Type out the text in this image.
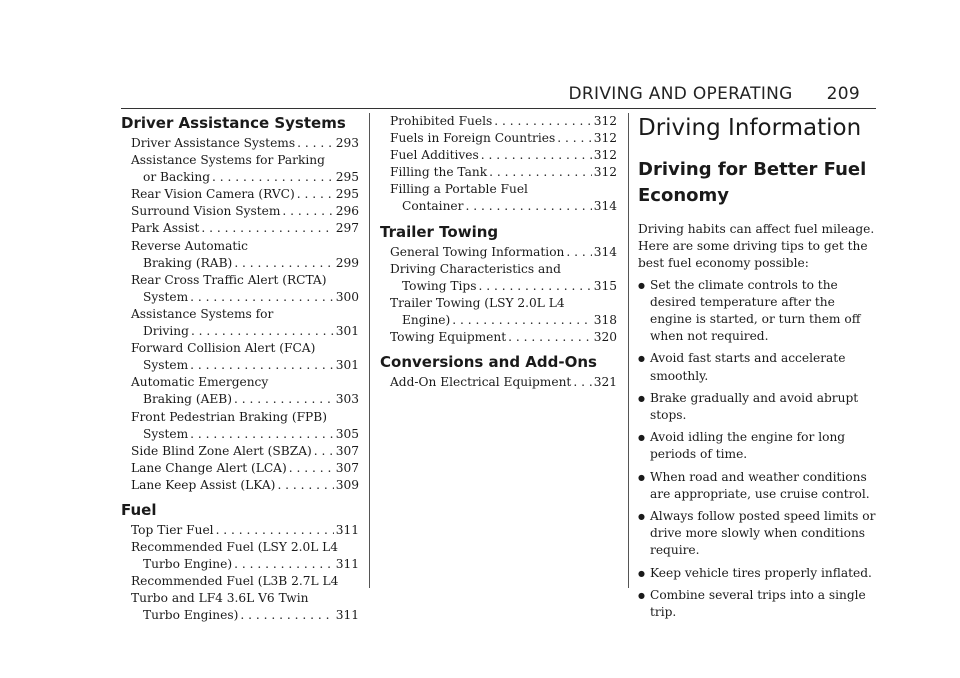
DRIVING AND OPERATING 209
Driver Assistance Systems
Driver Assistance Systems . . .	293
Assistance Systems for Parking
or Backing . . .	295
Rear Vision Camera (RVC) . . .	295
Surround Vision System . . .	296
Park Assist . . .	297
Reverse Automatic
Braking (RAB) . . .	299
Rear Cross Traffic Alert (RCTA)
System . . .	300
Assistance Systems for
Driving . . .	301
Forward Collision Alert (FCA)
System . . .	301
Automatic Emergency
Braking (AEB) . . .	303
Front Pedestrian Braking (FPB)
System . . .	305
Side Blind Zone Alert (SBZA) . . . 307
Lane Change Alert (LCA) . . .	307
Lane Keep Assist (LKA) . . .	309
Fuel
Top Tier Fuel . . .	311
Recommended Fuel (LSY 2.0L L4
Turbo Engine) . . .	311
Recommended Fuel (L3B 2.7L L4
Turbo and LF4 3.6L V6 Twin
Turbo Engines) . . .	311
Prohibited Fuels . . .	312
Fuels in Foreign Countries . . .	312
Fuel Additives . . .	312
Filling the Tank . . .	312
Filling a Portable Fuel
Container . . .	314
Trailer Towing
General Towing Information . . . 314
Driving Characteristics and
Towing Tips . . .	315
Trailer Towing (LSY 2.0L L4
Engine) . . .	318
Towing Equipment . . .	320
Conversions and Add-Ons
Add-On Electrical Equipment . . . 321
Driving Information
Driving for Better Fuel Economy
Driving habits can affect fuel mileage. Here are some driving tips to get the best fuel economy possible:
● Set the climate controls to the desired temperature after the engine is started, or turn them off when not required.
● Avoid fast starts and accelerate smoothly.
● Brake gradually and avoid abrupt stops.
● Avoid idling the engine for long periods of time.
● When road and weather conditions are appropriate, use cruise control.
● Always follow posted speed limits or drive more slowly when conditions require.
● Keep vehicle tires properly inflated.
● Combine several trips into a single trip.
